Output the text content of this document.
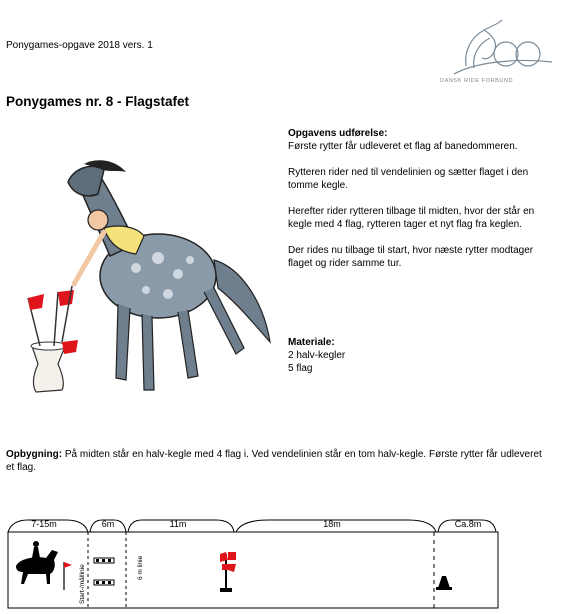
Ponygames-opgave 2018 vers. 1
DANSK RIDE FORBUND
Ponygames nr. 8 - Flagstafet
Opgavens udførelse:

Første rytter får udleveret et flag af banedommeren.

Rytteren rider ned til vendelinien og sætter flaget i den tomme kegle.

Herefter rider rytteren tilbage til midten, hvor der står en kegle med 4 flag, rytteren tager et nyt flag fra keglen.

Der rides nu tilbage til start, hvor næste rytter modtager flaget og rider samme tur.

Materiale:
2 halv-kegler
5 flag
Opbygning: På midten står en halv-kegle med 4 flag i. Ved vendelinien står en tom halv-kegle. Første rytter får udleveret et flag.
7-15m	6m	11m	18m	Ca.8m
Start-/mållinie	6 m linie
